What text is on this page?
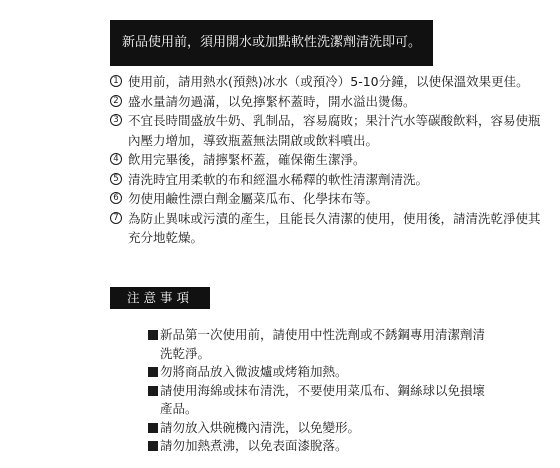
新品使用前，須用開水或加點軟性洗潔劑清洗即可。
1 使用前，請用熱水(預熱)冰水（或預冷）5-10分鐘，以使保溫效果更佳。
2 盛水量請勿過滿，以免擰緊杯蓋時，開水溢出燙傷。
3 不宜長時間盛放牛奶、乳制品，容易腐敗；果汁汽水等碳酸飲料，容易使瓶內壓力增加，導致瓶蓋無法開啟或飲料噴出。
4 飲用完畢後，請擰緊杯蓋，確保衛生潔淨。
5 清洗時宜用柔軟的布和經溫水稀釋的軟性清潔劑清洗。
6 勿使用鹼性漂白劑金屬菜瓜布、化學抹布等。
7 為防止異味或污漬的產生，且能長久清潔的使用，使用後，請清洗乾淨使其充分地乾燥。
注意事項
新品第一次使用前，請使用中性洗劑或不銹鋼專用清潔劑清洗乾淨。
勿將商品放入微波爐或烤箱加熱。
請使用海綿或抹布清洗，不要使用菜瓜布、鋼絲球以免損壞產品。
請勿放入烘碗機內清洗，以免變形。
請勿加熱煮沸，以免表面漆脫落。
